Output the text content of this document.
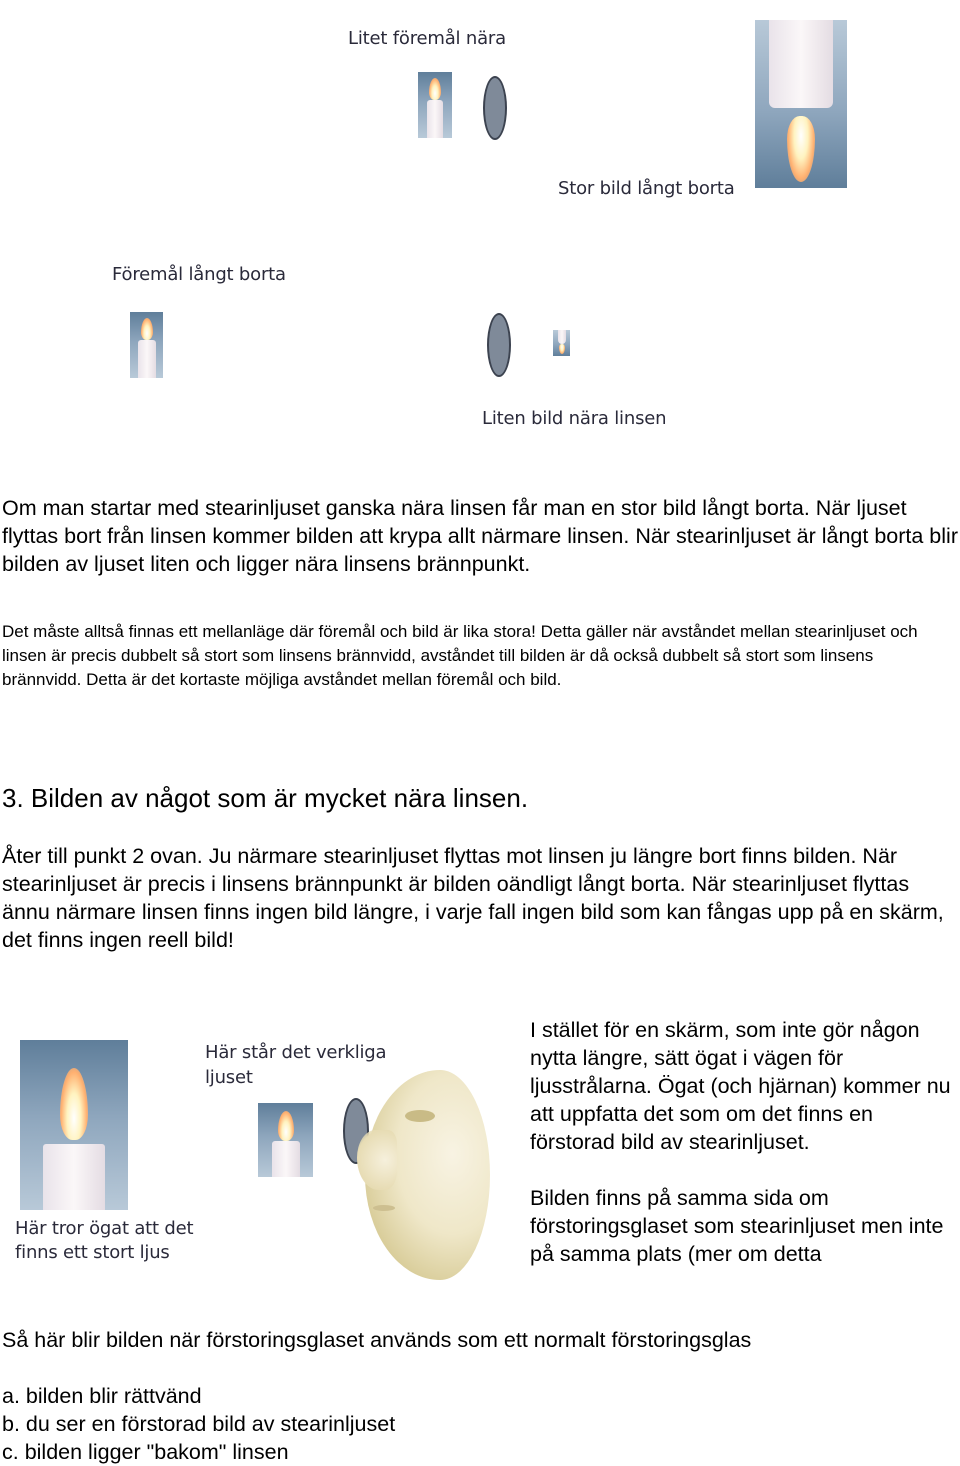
Litet föremål nära
Stor bild långt borta
Föremål långt borta
Liten bild nära linsen

Om man startar med stearinljuset ganska nära linsen får man en stor bild långt borta. När ljuset flyttas bort från linsen kommer bilden att krypa allt närmare linsen. När stearinljuset är långt borta blir bilden av ljuset liten och ligger nära linsens brännpunkt.

Det måste alltså finnas ett mellanläge där föremål och bild är lika stora! Detta gäller när avståndet mellan stearinljuset och linsen är precis dubbelt så stort som linsens brännvidd, avståndet till bilden är då också dubbelt så stort som linsens brännvidd. Detta är det kortaste möjliga avståndet mellan föremål och bild.

3. Bilden av något som är mycket nära linsen.

Åter till punkt 2 ovan. Ju närmare stearinljuset flyttas mot linsen ju längre bort finns bilden. När stearinljuset är precis i linsens brännpunkt är bilden oändligt långt borta. När stearinljuset flyttas ännu närmare linsen finns ingen bild längre, i varje fall ingen bild som kan fångas upp på en skärm, det finns ingen reell bild!

Här tror ögat att det finns ett stort ljus
Här står det verkliga ljuset

I stället för en skärm, som inte gör någon nytta längre, sätt ögat i vägen för ljusstrålarna. Ögat (och hjärnan) kommer nu att uppfatta det som om det finns en förstorad bild av stearinljuset.

Bilden finns på samma sida om förstoringsglaset som stearinljuset men inte på samma plats (mer om detta

Så här blir bilden när förstoringsglaset används som ett normalt förstoringsglas

a. bilden blir rättvänd
b. du ser en förstorad bild av stearinljuset
c. bilden ligger "bakom" linsen
